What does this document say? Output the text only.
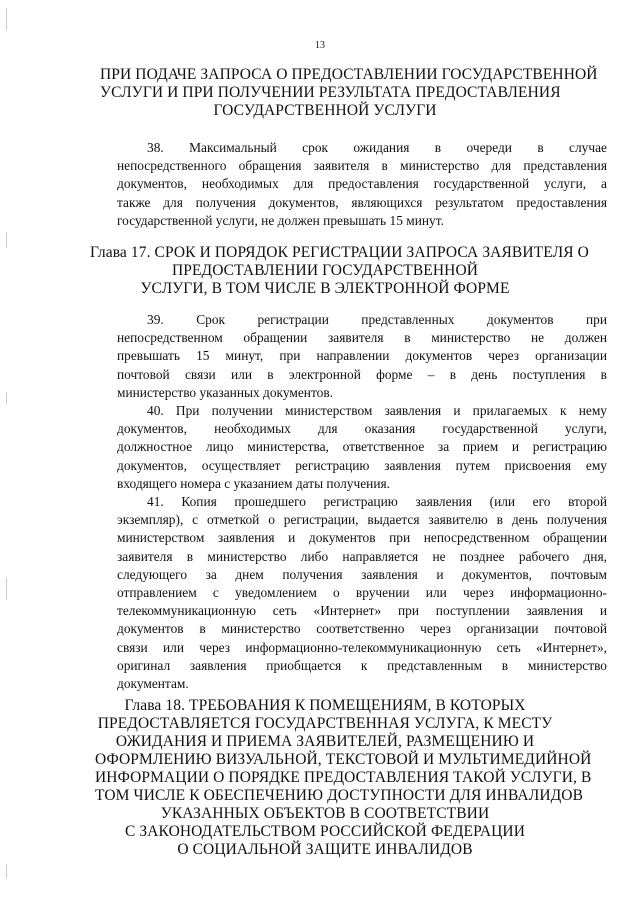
13
ПРИ ПОДАЧЕ ЗАПРОСА О ПРЕДОСТАВЛЕНИИ ГОСУДАРСТВЕННОЙ
УСЛУГИ И ПРИ ПОЛУЧЕНИИ РЕЗУЛЬТАТА ПРЕДОСТАВЛЕНИЯ
ГОСУДАРСТВЕННОЙ УСЛУГИ
38. Максимальный срок ожидания в очереди в случае
непосредственного обращения заявителя в министерство для представления
документов, необходимых для предоставления государственной услуги, а
также для получения документов, являющихся результатом предоставления
государственной услуги, не должен превышать 15 минут.
Глава 17. СРОК И ПОРЯДОК РЕГИСТРАЦИИ ЗАПРОСА ЗАЯВИТЕЛЯ О
ПРЕДОСТАВЛЕНИИ ГОСУДАРСТВЕННОЙ
УСЛУГИ, В ТОМ ЧИСЛЕ В ЭЛЕКТРОННОЙ ФОРМЕ
39. Срок регистрации представленных документов при
непосредственном обращении заявителя в министерство не должен
превышать 15 минут, при направлении документов через организации
почтовой связи или в электронной форме – в день поступления в
министерство указанных документов.
40. При получении министерством заявления и прилагаемых к нему
документов, необходимых для оказания государственной услуги,
должностное лицо министерства, ответственное за прием и регистрацию
документов, осуществляет регистрацию заявления путем присвоения ему
входящего номера с указанием даты получения.
41. Копия прошедшего регистрацию заявления (или его второй
экземпляр), с отметкой о регистрации, выдается заявителю в день получения
министерством заявления и документов при непосредственном обращении
заявителя в министерство либо направляется не позднее рабочего дня,
следующего за днем получения заявления и документов, почтовым
отправлением с уведомлением о вручении или через информационно-
телекоммуникационную сеть «Интернет» при поступлении заявления и
документов в министерство соответственно через организации почтовой
связи или через информационно-телекоммуникационную сеть «Интернет»,
оригинал заявления приобщается к представленным в министерство
документам.
Глава 18. ТРЕБОВАНИЯ К ПОМЕЩЕНИЯМ, В КОТОРЫХ
ПРЕДОСТАВЛЯЕТСЯ ГОСУДАРСТВЕННАЯ УСЛУГА, К МЕСТУ
ОЖИДАНИЯ И ПРИЕМА ЗАЯВИТЕЛЕЙ, РАЗМЕЩЕНИЮ И
ОФОРМЛЕНИЮ ВИЗУАЛЬНОЙ, ТЕКСТОВОЙ И МУЛЬТИМЕДИЙНОЙ
ИНФОРМАЦИИ О ПОРЯДКЕ ПРЕДОСТАВЛЕНИЯ ТАКОЙ УСЛУГИ, В
ТОМ ЧИСЛЕ К ОБЕСПЕЧЕНИЮ ДОСТУПНОСТИ ДЛЯ ИНВАЛИДОВ
УКАЗАННЫХ ОБЪЕКТОВ В СООТВЕТСТВИИ
С ЗАКОНОДАТЕЛЬСТВОМ РОССИЙСКОЙ ФЕДЕРАЦИИ
О СОЦИАЛЬНОЙ ЗАЩИТЕ ИНВАЛИДОВ
